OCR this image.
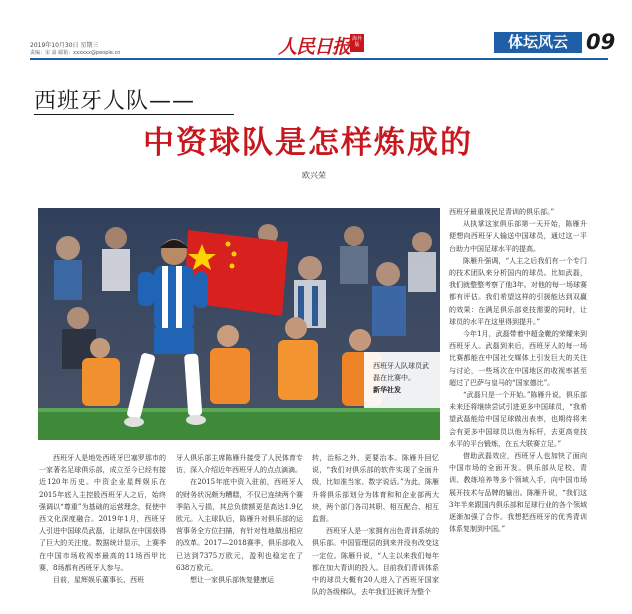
2019年10月30日 星期三
责编：宋 嵩 邮箱：xxxxxx@people.cn	人民日报 海外版	体坛风云 09
西班牙人队——
中资球队是怎样炼成的
欧兴荣
西班牙人队球员武磊在比赛中。
新华社发

西班牙人是地处西班牙巴塞罗那市的一家著名足球俱乐部，成立至今已经有接近120年历史。中资企业星辉娱乐在2015年底入主控股西班牙人之后，始终强调以“尊重”为基础的运营理念，促使中西文化深度融合。2019年1月，西班牙人引进中国球员武磊，让球队在中国获得了巨大的关注度。数据统计显示，上赛季在中国市场收视率最高的11场西甲比赛，8场都有西班牙人参与。

目前，星辉娱乐董事长、西班

牙人俱乐部主席陈雁升接受了人民体育专访，深入介绍近年西班牙人的点点滴滴。

在2015年底中资入驻前，西班牙人的财务状况颇为糟糕，不仅已连续两个赛季陷入亏损，其总负债额更是高达1.9亿欧元。入主球队后，陈雁升对俱乐部的运营事务全方位扫描，有针对性地做出相应的改革。2017—2018赛季，俱乐部收入已达到7375万欧元，盈利也稳定在了638万欧元。

想让一家俱乐部恢复健康运

转，治标之外，更要治本。陈雁升回忆说，“我们对俱乐部的软件实现了全面升级，比如准当家、数字说话。”为此，陈雁升将俱乐部划分为体育和和企业部两大块，两个部门各司其职、相互配合、相互监督。

西班牙人是一家拥有出色青训系统的俱乐部。中国管理层的到来并没有改变这一定位。陈雁升说，“人主以来我们每年都在加大青训的投入。目前我们青训体系中的球员大概有20人进入了西班牙国家队的各级梯队，去年我们还被评为整个

西班牙最重视民足青训的俱乐部。”

从执掌这家俱乐部第一天开始，陈雁升便想向西班牙人输送中国球员，通过这一平台助力中国足球水平的提高。

陈雁升强调，“人主之后我们有一个专门的技术团队来分析国内的球员。比如武磊，我们就整整考察了他3年。对他的每一场球赛都有评估。我们希望这样的引援能达到双赢的效果：在满足俱乐部竞技需要的同时，让球员的水平在这里得到提升。”

今年1月，武磊带着中超金靴的荣耀来到西班牙人。武磊到来后，西班牙人的每一场比赛都能在中国社交媒体上引发巨大的关注与讨论，一些场次在中国地区的收视率甚至超过了巴萨与皇马的“国家德比”。

“武磊只是一个开始。”陈雁升说，俱乐部未来还将继续尝试引进更多中国球员，“我希望武磊能给中国足球做出表率，也期待将来会有更多中国球员以他为标杆，去更高竞技水平的平台锻炼，在五大联赛立足。”

借助武磊效应，西班牙人也加快了面向中国市场的全面开发。俱乐部从足校、青训、教练培养等多个领域入手，向中国市场展开技术与品牌的输出。陈雁升说，“我们这3年半来跟国内俱乐部和足球行业的各个领域逐渐加强了合作。我想把西班牙的优秀青训体系复制到中国。”
